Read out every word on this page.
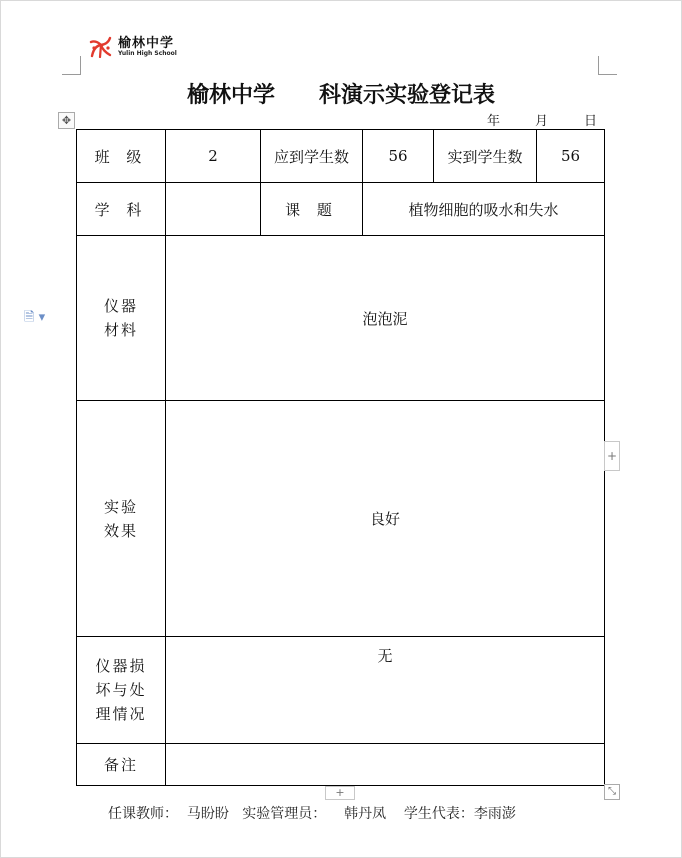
榆林中学
Yulin High School
榆林中学　　科演示实验登记表
年	月	日
✥
🗎 ▾
班 级	2	应到学生数	56	实到学生数	56
学 科		课 题	植物细胞的吸水和失水		

仪器
材料	泡泡泥				

实验
效果	良好				

仪器损
坏与处
理情况	无				
备注					
+
+	⤡
任课教师： 马盼盼 实验管理员： 韩丹凤 学生代表：李雨澎
